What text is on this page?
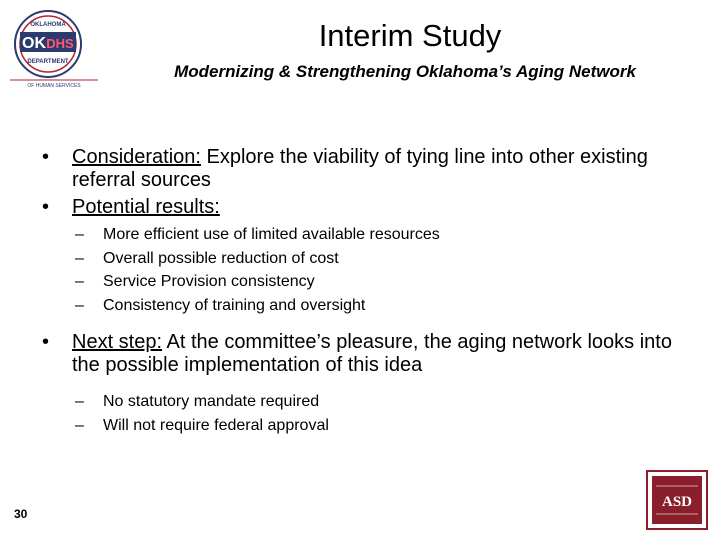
OKLAHOMA
OK DHS
DEPARTMENT
OF HUMAN SERVICES
Interim Study
Modernizing & Strengthening Oklahoma’s Aging Network
• Consideration: Explore the viability of tying line into other existing referral sources
• Potential results:
– More efficient use of limited available resources
– Overall possible reduction of cost
– Service Provision consistency
– Consistency of training and oversight
• Next step: At the committee’s pleasure, the aging network looks into the possible implementation of this idea
– No statutory mandate required
– Will not require federal approval
30
ASD
